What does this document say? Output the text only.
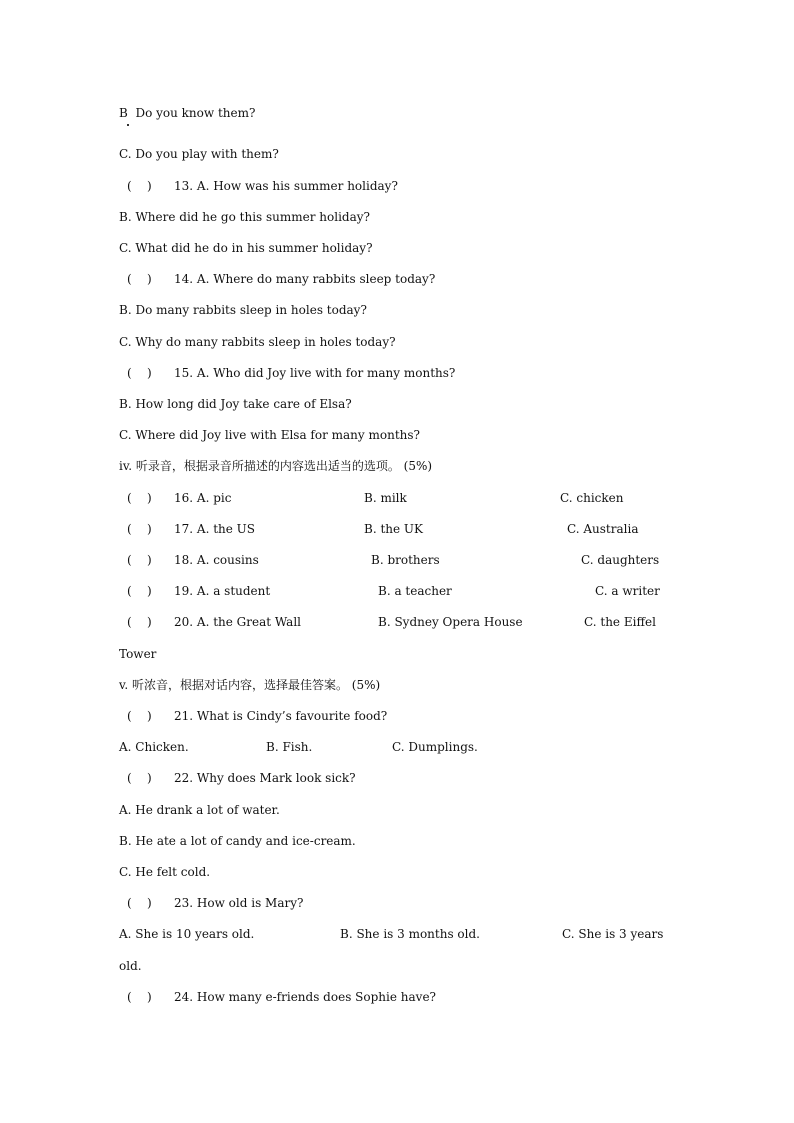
B  Do you know them?
C. Do you play with them?
(    ) 13. A. How was his summer holiday?
B. Where did he go this summer holiday?
C. What did he do in his summer holiday?
(    ) 14. A. Where do many rabbits sleep today?
B. Do many rabbits sleep in holes today?
C. Why do many rabbits sleep in holes today?
(    ) 15. A. Who did Joy live with for many months?
B. How long did Joy take care of Elsa?
C. Where did Joy live with Elsa for many months?
iv. 听录音，根据录音所描述的内容选出适当的选项。 (5%)
(    ) 16. A. pic	B. milk	C. chicken
(    ) 17. A. the US	B. the UK	C. Australia
(    ) 18. A. cousins	B. brothers	C. daughters
(    ) 19. A. a student	B. a teacher	C. a writer
(    ) 20. A. the Great Wall	B. Sydney Opera House	C. the Eiffel
Tower
v. 听浓音，根据对话内容，选择最佳答案。 (5%)
(    ) 21. What is Cindy’s favourite food?
A. Chicken.	B. Fish.	C. Dumplings.
(    ) 22. Why does Mark look sick?
A. He drank a lot of water.
B. He ate a lot of candy and ice-cream.
C. He felt cold.
(    ) 23. How old is Mary?
A. She is 10 years old.	B. She is 3 months old.	C. She is 3 years
old.
(    ) 24. How many e-friends does Sophie have?
